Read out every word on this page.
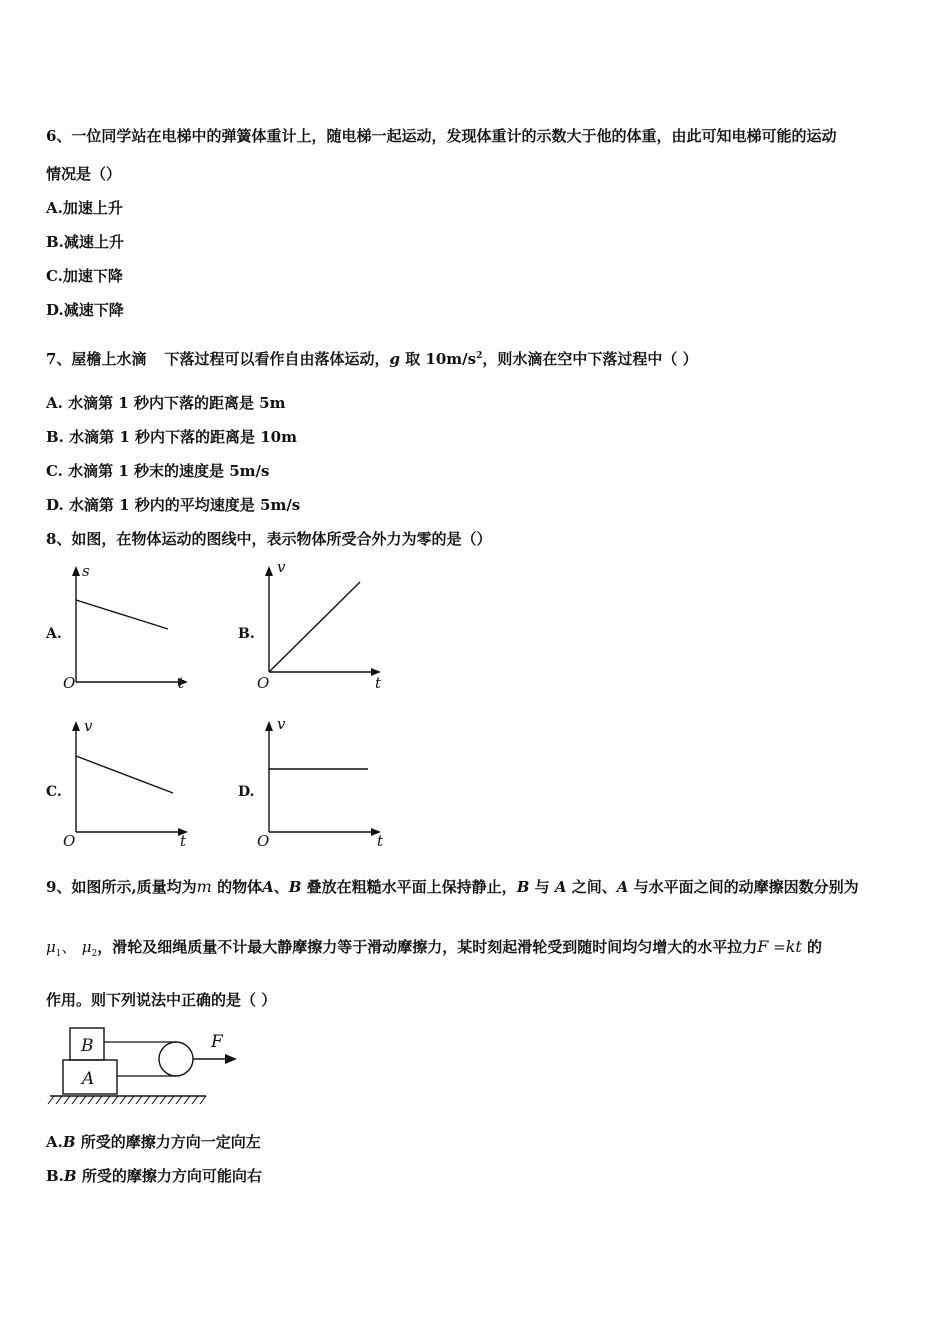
6、一位同学站在电梯中的弹簧体重计上，随电梯一起运动，发现体重计的示数大于他的体重，由此可知电梯可能的运动
情况是（）
A.加速上升
B.减速上升
C.加速下降
D.减速下降
7、屋檐上水滴 下落过程可以看作自由落体运动，g 取 $10m/s^2$，则水滴在空中下落过程中（ ）
A. 水滴第 1 秒内下落的距离是 5m
B. 水滴第 1 秒内下落的距离是 10m
C. 水滴第 1 秒末的速度是 5m/s
D. 水滴第 1 秒内的平均速度是 5m/s
8、如图，在物体运动的图线中，表示物体所受合外力为零的是（）
A.
s
t
O
B.
v
t
O
C.
v
t
O
D.
v
t
O
9、如图所示,质量均为m 的物体A、B 叠放在粗糙水平面上保持静止，B 与 A 之间、A 与水平面之间的动摩擦因数分别为
$\mu_1$、 $\mu_2$，滑轮及细绳质量不计最大静摩擦力等于滑动摩擦力，某时刻起滑轮受到随时间均匀增大的水平拉力F =kt 的
作用。则下列说法中正确的是（ ）
B
A
F
A.B 所受的摩擦力方向一定向左
B.B 所受的摩擦力方向可能向右
